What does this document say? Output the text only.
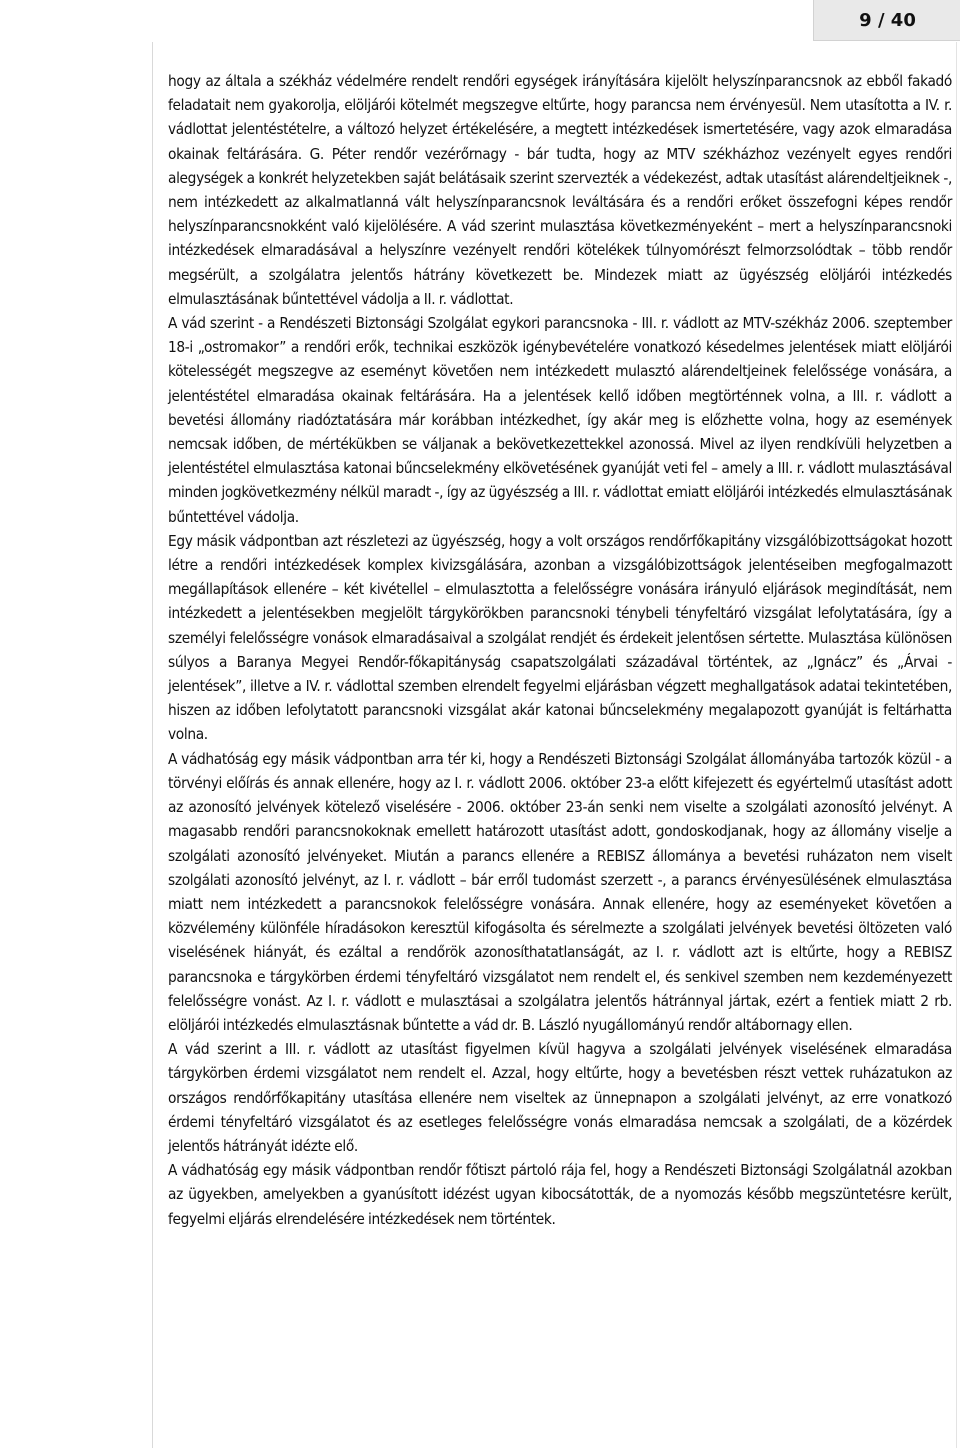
9 / 40

hogy az általa a székház védelmére rendelt rendőri egységek irányítására kijelölt helyszínparancsnok az ebből fakadó feladatait nem gyakorolja, elöljárói kötelmét megszegve eltűrte, hogy parancsa nem érvényesül. Nem utasította a IV. r. vádlottat jelentéstételre, a változó helyzet értékelésére, a megtett intézkedések ismertetésére, vagy azok elmaradása okainak feltárására. G. Péter rendőr vezérőrnagy - bár tudta, hogy az MTV székházhoz vezényelt egyes rendőri alegységek a konkrét helyzetekben saját belátásaik szerint szervezték a védekezést, adtak utasítást alárendeltjeiknek -, nem intézkedett az alkalmatlanná vált helyszínparancsnok leváltására és a rendőri erőket összefogni képes rendőr helyszínparancsnokként való kijelölésére. A vád szerint mulasztása következményeként – mert a helyszínparancsnoki intézkedések elmaradásával a helyszínre vezényelt rendőri kötelékek túlnyomórészt felmorzsolódtak – több rendőr megsérült, a szolgálatra jelentős hátrány következett be. Mindezek miatt az ügyészség elöljárói intézkedés elmulasztásának bűntettével vádolja a II. r. vádlottat.

A vád szerint - a Rendészeti Biztonsági Szolgálat egykori parancsnoka - III. r. vádlott az MTV-székház 2006. szeptember 18-i „ostromakor” a rendőri erők, technikai eszközök igénybevételére vonatkozó késedelmes jelentések miatt elöljárói kötelességét megszegve az eseményt követően nem intézkedett mulasztó alárendeltjeinek felelőssége vonására, a jelentéstétel elmaradása okainak feltárására. Ha a jelentések kellő időben megtörténnek volna, a III. r. vádlott a bevetési állomány riadóztatására már korábban intézkedhet, így akár meg is előzhette volna, hogy az események nemcsak időben, de mértékükben se váljanak a bekövetkezettekkel azonossá. Mivel az ilyen rendkívüli helyzetben a jelentéstétel elmulasztása katonai bűncselekmény elkövetésének gyanúját veti fel – amely a III. r. vádlott mulasztásával minden jogkövetkezmény nélkül maradt -, így az ügyészség a III. r. vádlottat emiatt elöljárói intézkedés elmulasztásának bűntettével vádolja.

Egy másik vádpontban azt részletezi az ügyészség, hogy a volt országos rendőrfőkapitány vizsgálóbizottságokat hozott létre a rendőri intézkedések komplex kivizsgálására, azonban a vizsgálóbizottságok jelentéseiben megfogalmazott megállapítások ellenére – két kivétellel – elmulasztotta a felelősségre vonására irányuló eljárások megindítását, nem intézkedett a jelentésekben megjelölt tárgykörökben parancsnoki ténybeli tényfeltáró vizsgálat lefolytatására, így a személyi felelősségre vonások elmaradásaival a szolgálat rendjét és érdekeit jelentősen sértette. Mulasztása különösen súlyos a Baranya Megyei Rendőr-főkapitányság csapatszolgálati századával történtek, az „Ignácz” és „Árvai - jelentések”, illetve a IV. r. vádlottal szemben elrendelt fegyelmi eljárásban végzett meghallgatások adatai tekintetében, hiszen az időben lefolytatott parancsnoki vizsgálat akár katonai bűncselekmény megalapozott gyanúját is feltárhatta volna.

A vádhatóság egy másik vádpontban arra tér ki, hogy a Rendészeti Biztonsági Szolgálat állományába tartozók közül - a törvényi előírás és annak ellenére, hogy az I. r. vádlott 2006. október 23-a előtt kifejezett és egyértelmű utasítást adott az azonosító jelvények kötelező viselésére - 2006. október 23-án senki nem viselte a szolgálati azonosító jelvényt. A magasabb rendőri parancsnokoknak emellett határozott utasítást adott, gondoskodjanak, hogy az állomány viselje a szolgálati azonosító jelvényeket. Miután a parancs ellenére a REBISZ állománya a bevetési ruházaton nem viselt szolgálati azonosító jelvényt, az I. r. vádlott – bár erről tudomást szerzett -, a parancs érvényesülésének elmulasztása miatt nem intézkedett a parancsnokok felelősségre vonására. Annak ellenére, hogy az eseményeket követően a közvélemény különféle híradásokon keresztül kifogásolta és sérelmezte a szolgálati jelvények bevetési öltözeten való viselésének hiányát, és ezáltal a rendőrök azonosíthatatlanságát, az I. r. vádlott azt is eltűrte, hogy a REBISZ parancsnoka e tárgykörben érdemi tényfeltáró vizsgálatot nem rendelt el, és senkivel szemben nem kezdeményezett felelősségre vonást. Az I. r. vádlott e mulasztásai a szolgálatra jelentős hátránnyal jártak, ezért a fentiek miatt 2 rb. elöljárói intézkedés elmulasztásnak bűntette a vád dr. B. László nyugállományú rendőr altábornagy ellen.

A vád szerint a III. r. vádlott az utasítást figyelmen kívül hagyva a szolgálati jelvények viselésének elmaradása tárgykörben érdemi vizsgálatot nem rendelt el. Azzal, hogy eltűrte, hogy a bevetésben részt vettek ruházatukon az országos rendőrfőkapitány utasítása ellenére nem viseltek az ünnepnapon a szolgálati jelvényt, az erre vonatkozó érdemi tényfeltáró vizsgálatot és az esetleges felelősségre vonás elmaradása nemcsak a szolgálati, de a közérdek jelentős hátrányát idézte elő.

A vádhatóság egy másik vádpontban rendőr főtiszt pártoló rája fel, hogy a Rendészeti Biztonsági Szolgálatnál azokban az ügyekben, amelyekben a gyanúsított idézést ugyan kibocsátották, de a nyomozás később megszüntetésre került, fegyelmi eljárás elrendelésére intézkedések nem történtek.
